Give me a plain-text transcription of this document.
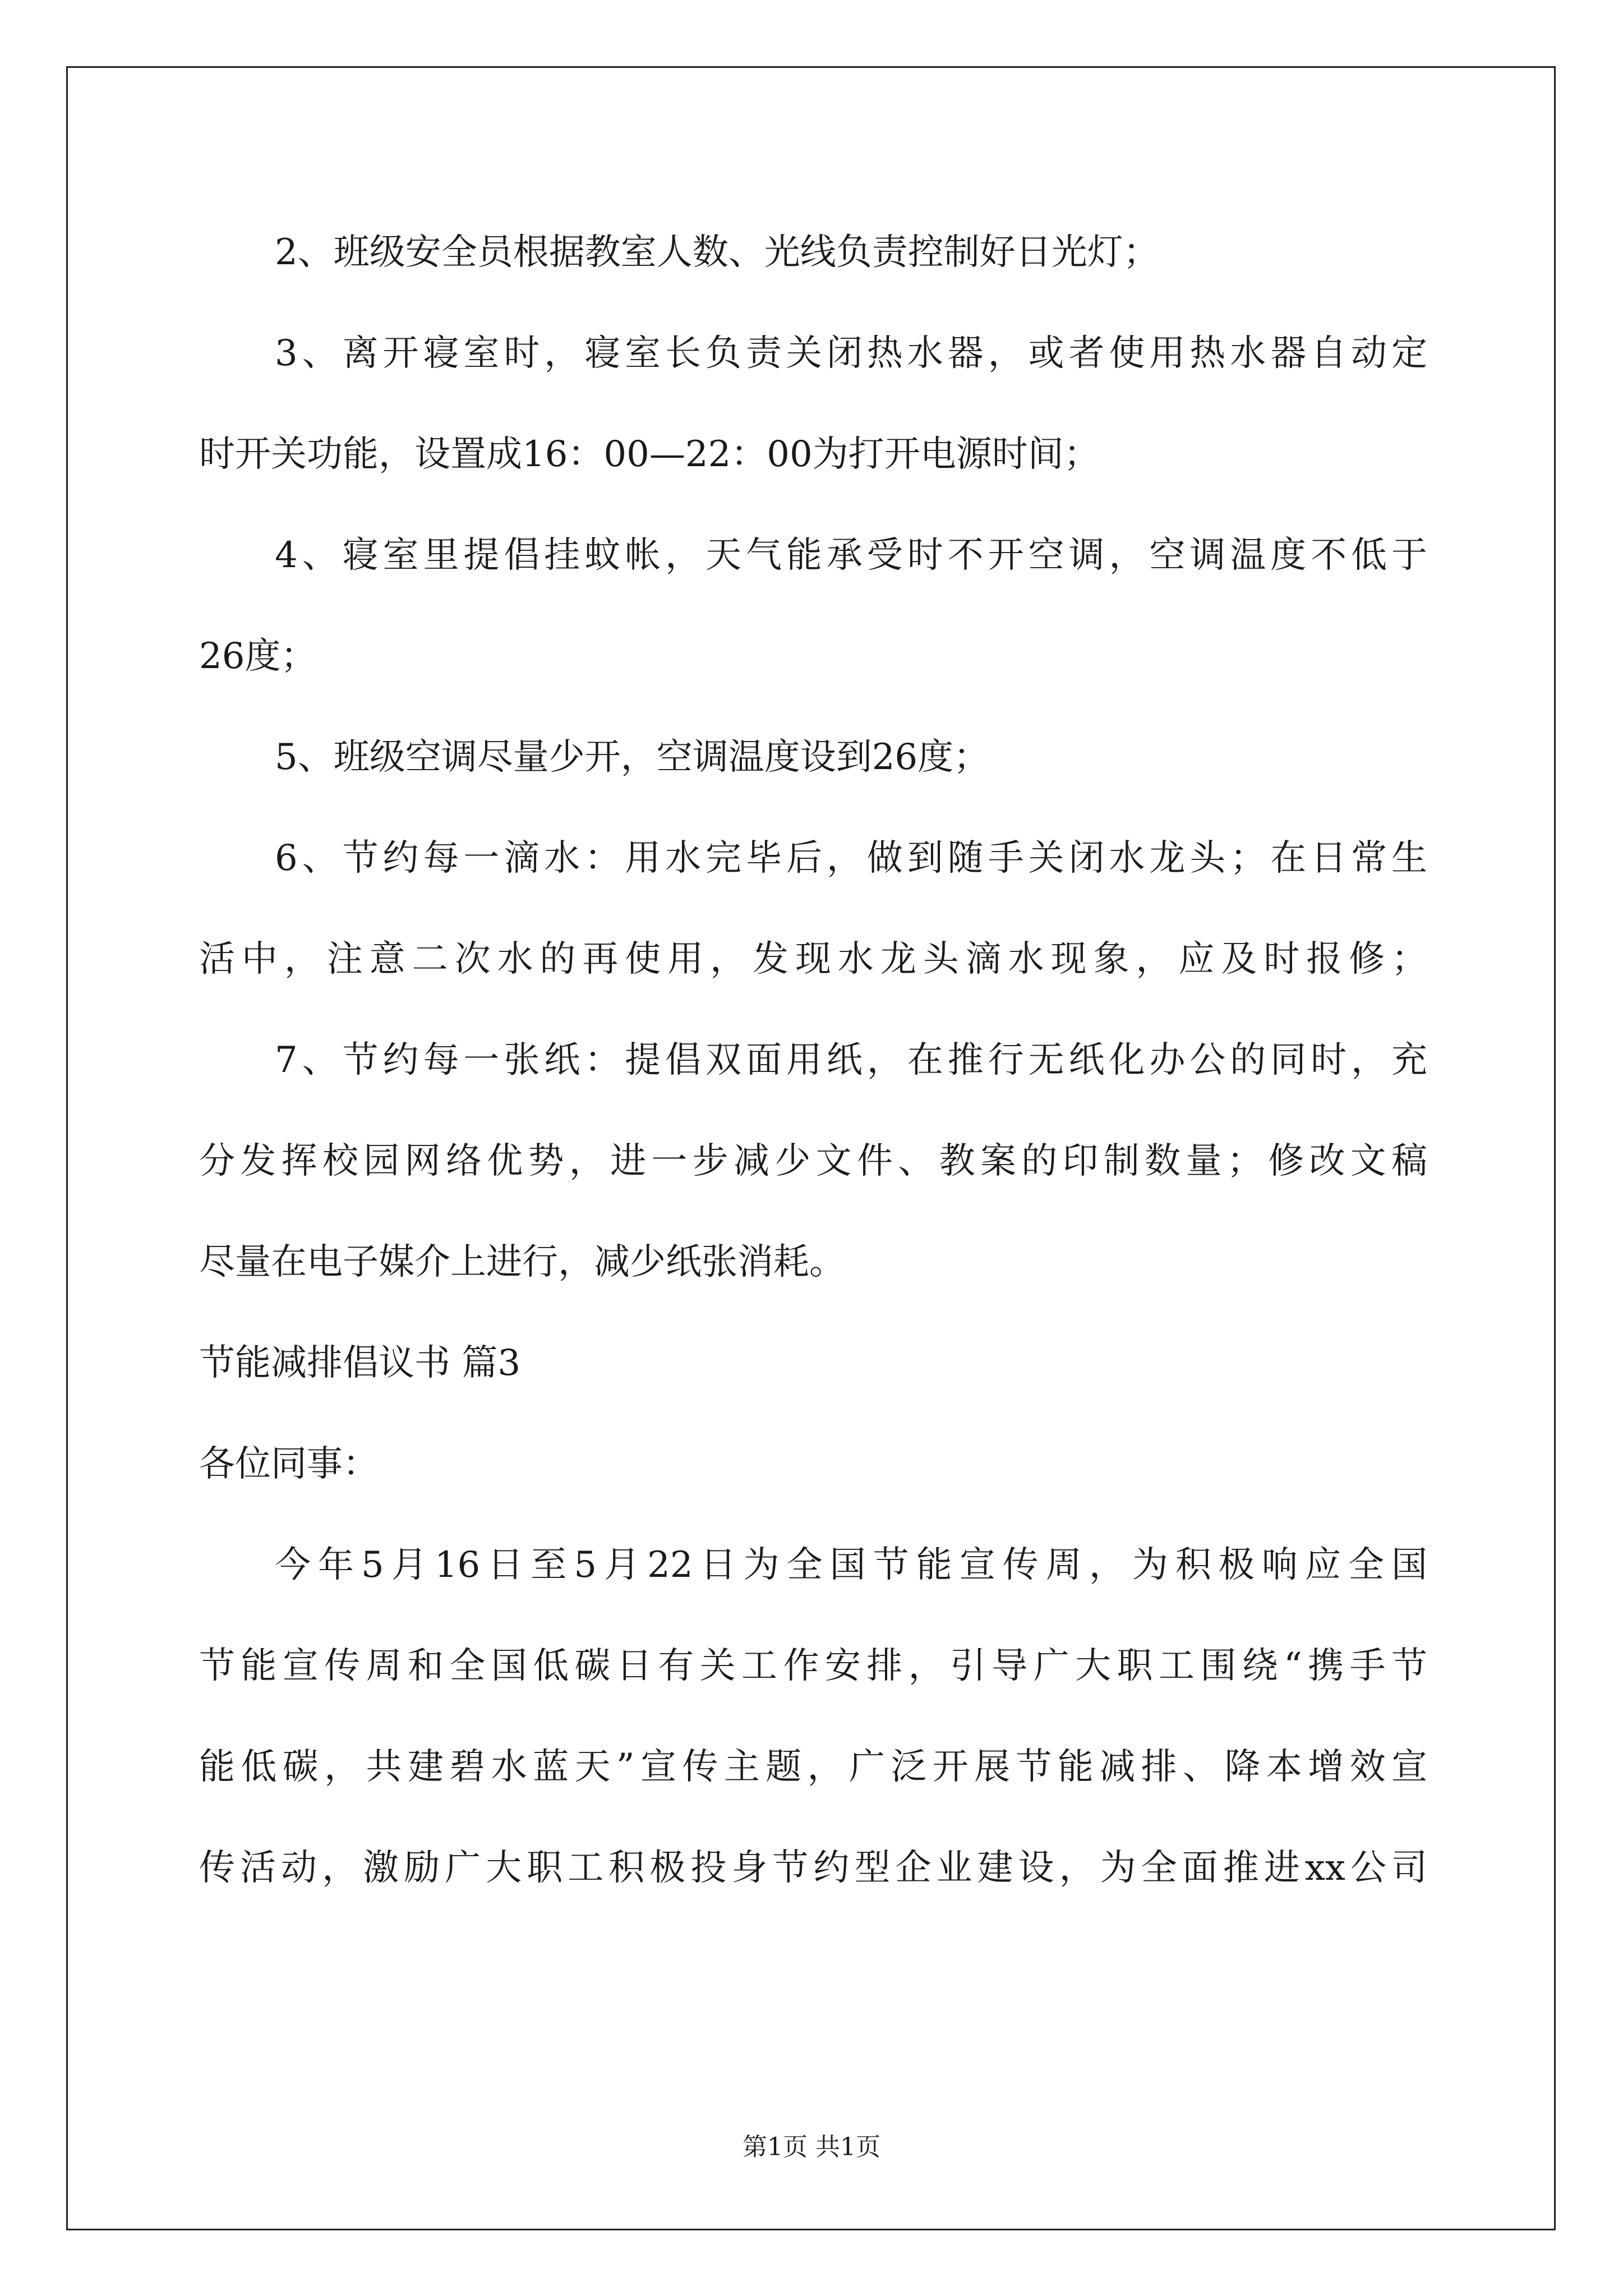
2、班级安全员根据教室人数、光线负责控制好日光灯；

3、离开寝室时，寝室长负责关闭热水器，或者使用热水器自动定

时开关功能，设置成16：00—22：00为打开电源时间；

4、寝室里提倡挂蚊帐，天气能承受时不开空调，空调温度不低于

26度；

5、班级空调尽量少开，空调温度设到26度；

6、节约每一滴水：用水完毕后，做到随手关闭水龙头；在日常生

活中，注意二次水的再使用，发现水龙头滴水现象，应及时报修；

7、节约每一张纸：提倡双面用纸，在推行无纸化办公的同时，充

分发挥校园网络优势，进一步减少文件、教案的印制数量；修改文稿

尽量在电子媒介上进行，减少纸张消耗。

节能减排倡议书 篇3

各位同事：

今年5月16日至5月22日为全国节能宣传周，为积极响应全国

节能宣传周和全国低碳日有关工作安排，引导广大职工围绕“携手节

能低碳，共建碧水蓝天”宣传主题，广泛开展节能减排、降本增效宣

传活动，激励广大职工积极投身节约型企业建设，为全面推进xx公司

第1页 共1页
